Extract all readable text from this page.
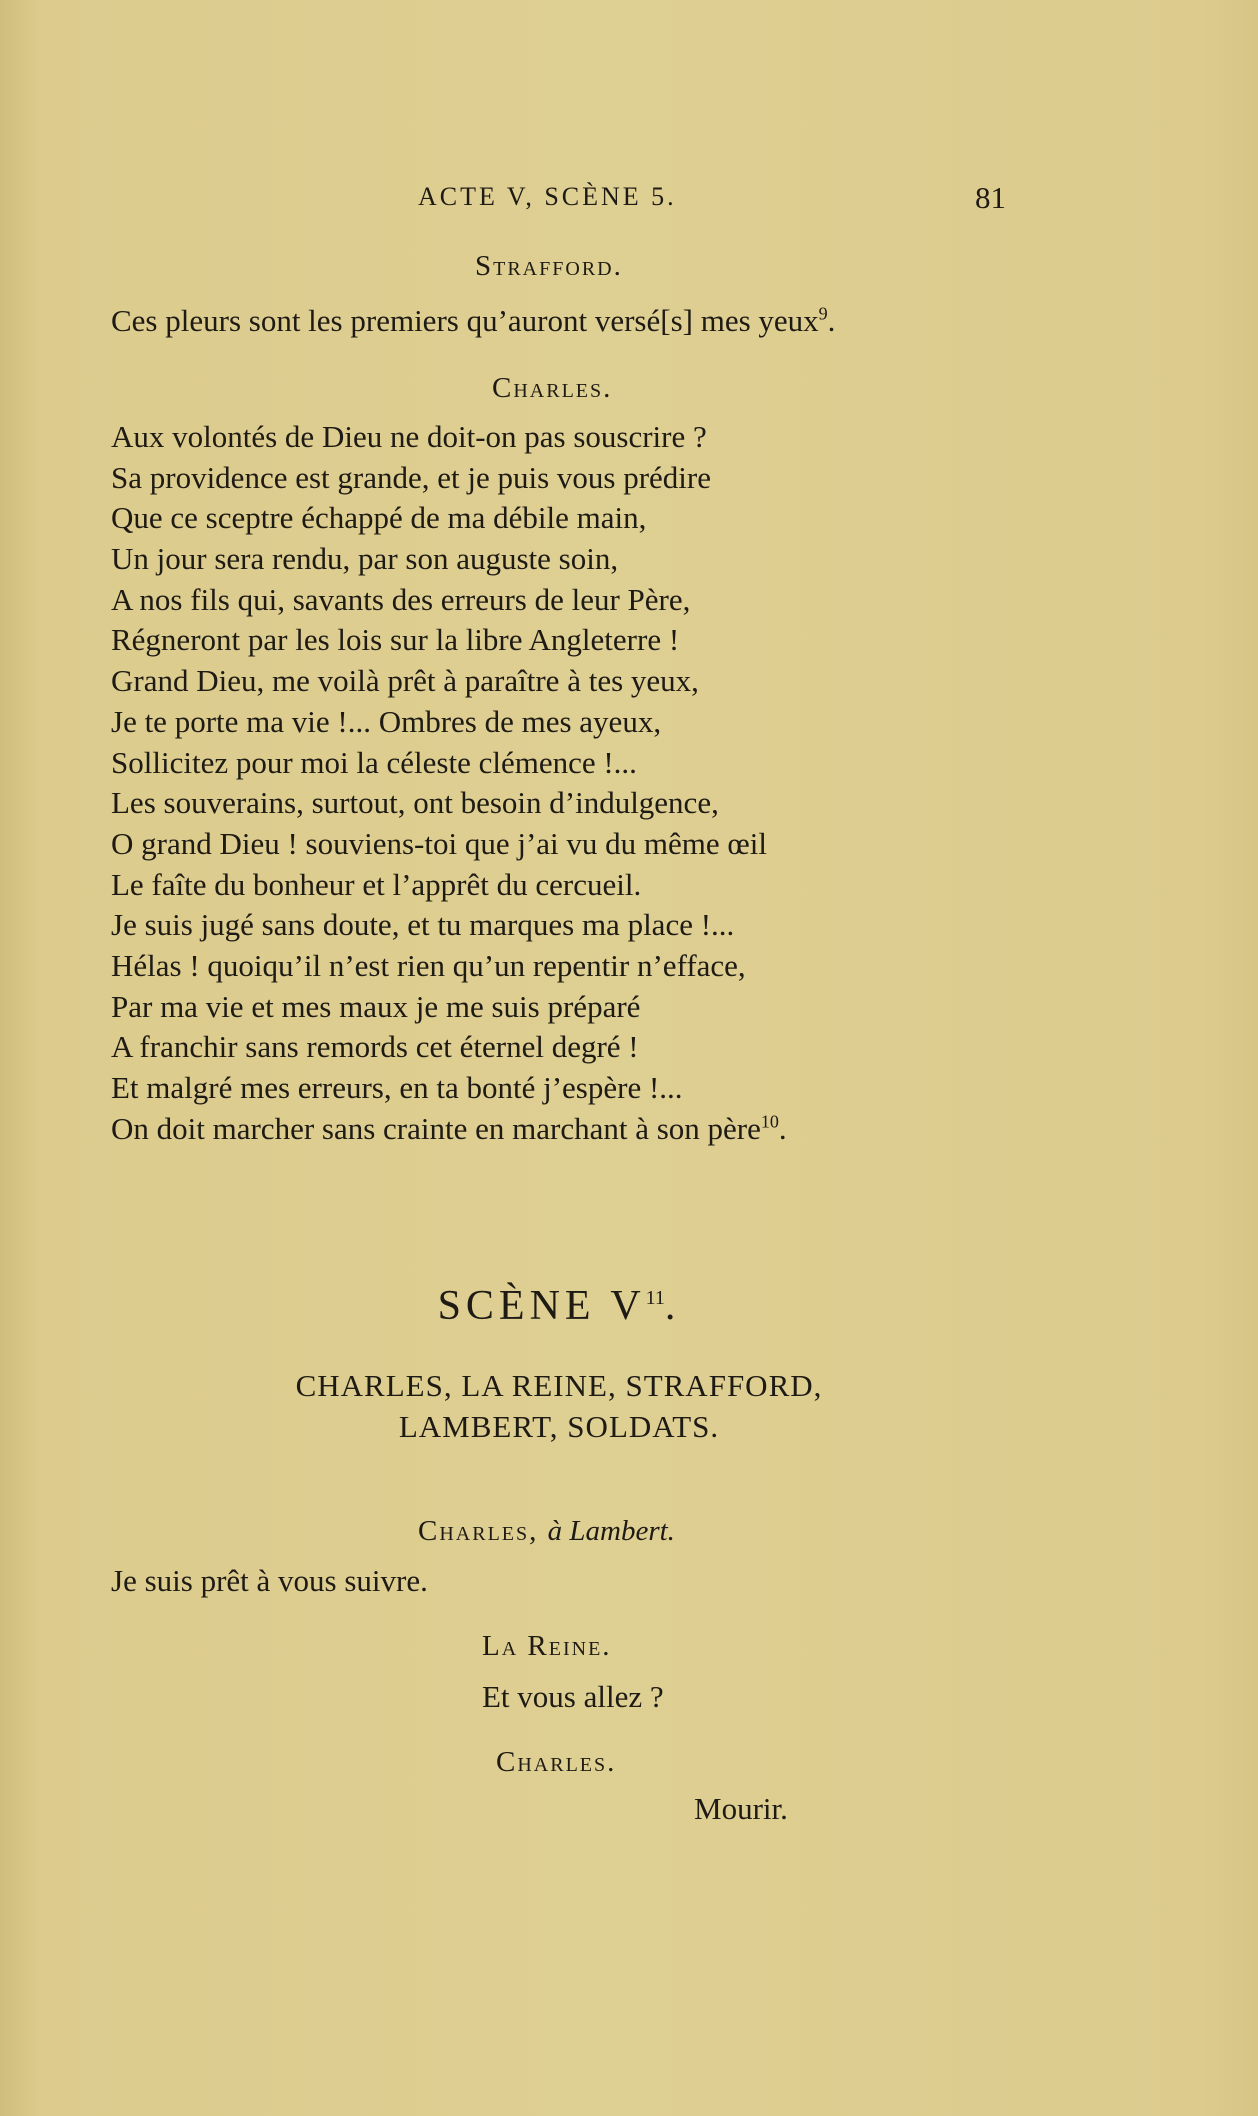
ACTE V, SCÈNE 5.	81
Strafford.
Ces pleurs sont les premiers qu’auront versé[s] mes yeux$^9$.
Charles.
Aux volontés de Dieu ne doit-on pas souscrire ?
Sa providence est grande, et je puis vous prédire
Que ce sceptre échappé de ma débile main,
Un jour sera rendu, par son auguste soin,
A nos fils qui, savants des erreurs de leur Père,
Régneront par les lois sur la libre Angleterre !
Grand Dieu, me voilà prêt à paraître à tes yeux,
Je te porte ma vie !... Ombres de mes ayeux,
Sollicitez pour moi la céleste clémence !...
Les souverains, surtout, ont besoin d’indulgence,
O grand Dieu ! souviens-toi que j’ai vu du même œil
Le faîte du bonheur et l’apprêt du cercueil.
Je suis jugé sans doute, et tu marques ma place !...
Hélas ! quoiqu’il n’est rien qu’un repentir n’efface,
Par ma vie et mes maux je me suis préparé
A franchir sans remords cet éternel degré !
Et malgré mes erreurs, en ta bonté j’espère !...
On doit marcher sans crainte en marchant à son père$^{10}$.
SCÈNE $V^{11}$.
CHARLES, LA REINE, STRAFFORD,
LAMBERT, SOLDATS.
Charles, à Lambert.
Je suis prêt à vous suivre.
La Reine.
Et vous allez ?
Charles.
Mourir.
